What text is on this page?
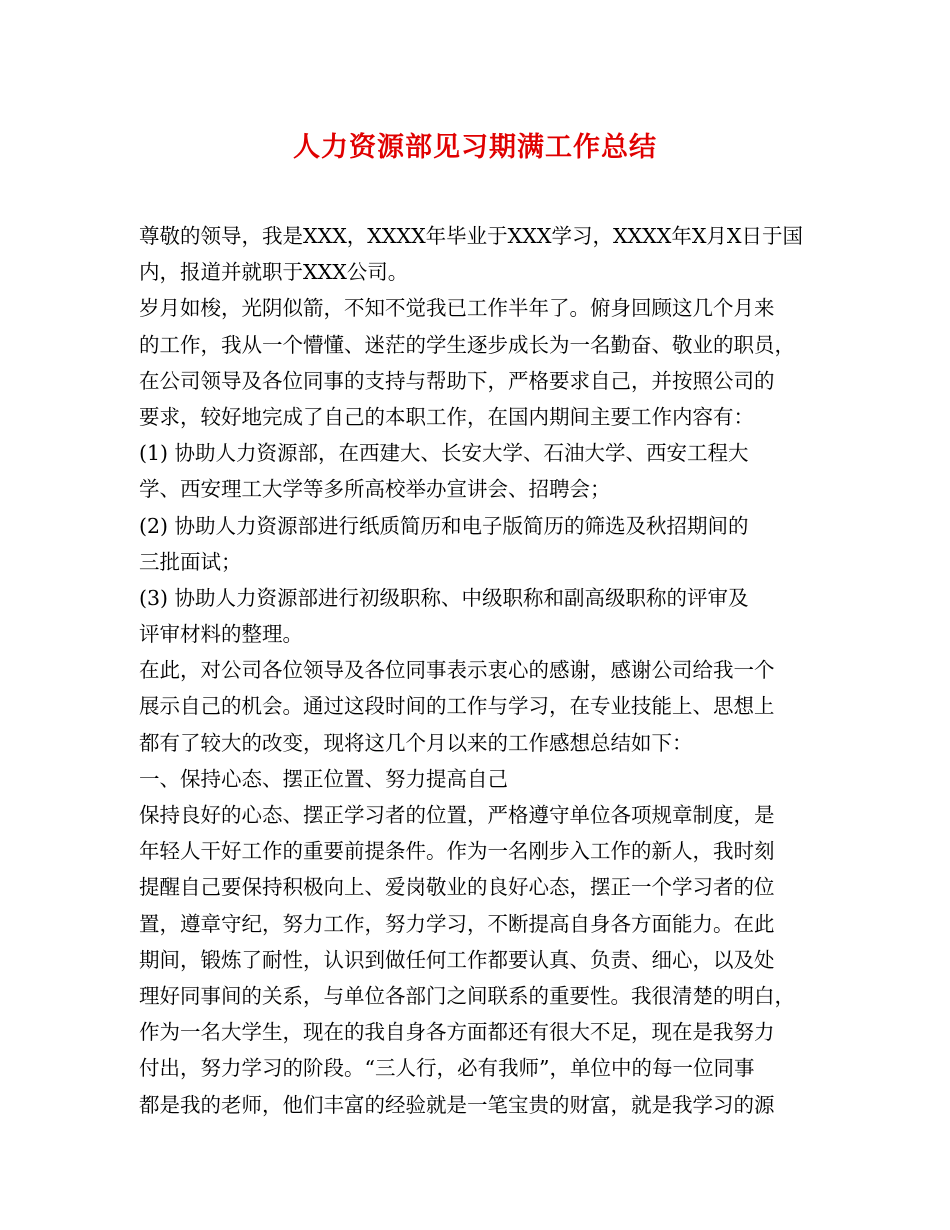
人力资源部见习期满工作总结
尊敬的领导，我是XXX，XXXX年毕业于XXX学习，XXXX年X月X日于国
内，报道并就职于XXX公司。
岁月如梭，光阴似箭，不知不觉我已工作半年了。俯身回顾这几个月来
的工作，我从一个懵懂、迷茫的学生逐步成长为一名勤奋、敬业的职员，
在公司领导及各位同事的支持与帮助下，严格要求自己，并按照公司的
要求，较好地完成了自己的本职工作，在国内期间主要工作内容有：
(1) 协助人力资源部，在西建大、长安大学、石油大学、西安工程大
学、西安理工大学等多所高校举办宣讲会、招聘会；
(2) 协助人力资源部进行纸质简历和电子版简历的筛选及秋招期间的
三批面试；
(3) 协助人力资源部进行初级职称、中级职称和副高级职称的评审及
评审材料的整理。
在此，对公司各位领导及各位同事表示衷心的感谢，感谢公司给我一个
展示自己的机会。通过这段时间的工作与学习，在专业技能上、思想上
都有了较大的改变，现将这几个月以来的工作感想总结如下：
一、保持心态、摆正位置、努力提高自己
保持良好的心态、摆正学习者的位置，严格遵守单位各项规章制度，是
年轻人干好工作的重要前提条件。作为一名刚步入工作的新人，我时刻
提醒自己要保持积极向上、爱岗敬业的良好心态，摆正一个学习者的位
置，遵章守纪，努力工作，努力学习，不断提高自身各方面能力。在此
期间，锻炼了耐性，认识到做任何工作都要认真、负责、细心，以及处
理好同事间的关系，与单位各部门之间联系的重要性。我很清楚的明白，
作为一名大学生，现在的我自身各方面都还有很大不足，现在是我努力
付出，努力学习的阶段。“三人行，必有我师”，单位中的每一位同事
都是我的老师，他们丰富的经验就是一笔宝贵的财富，就是我学习的源
